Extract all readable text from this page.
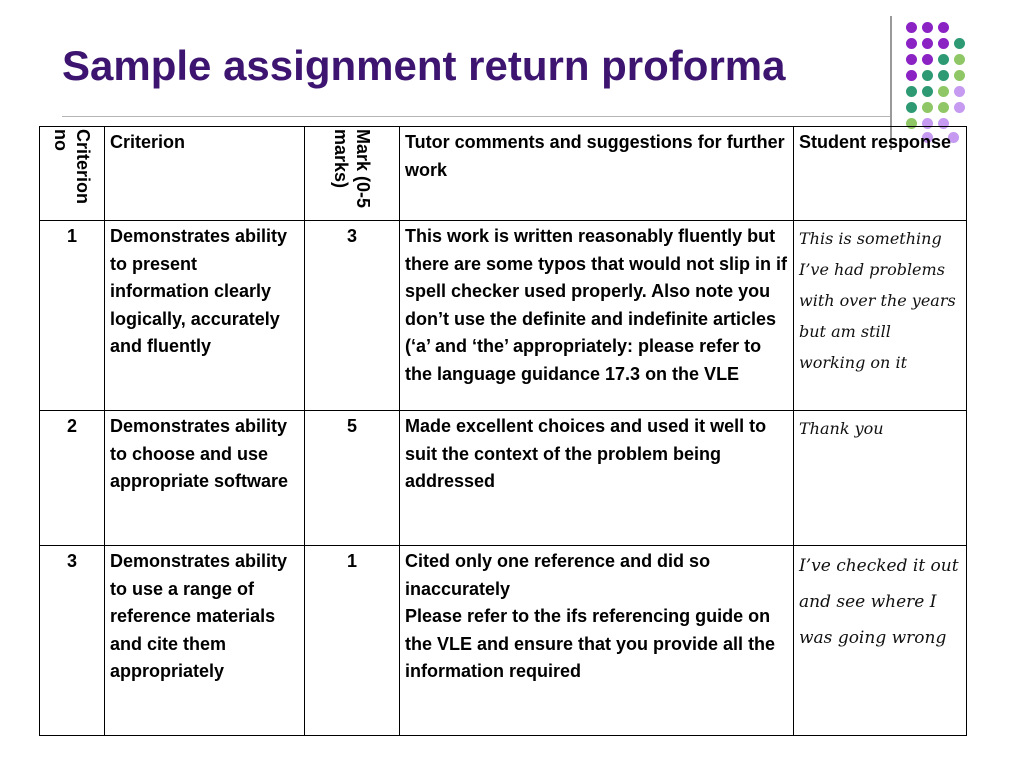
Sample assignment return proforma
Criterion no	Criterion	Mark (0-5 marks)	Tutor comments and suggestions for further work	Student response
1	Demonstrates ability to present information clearly logically, accurately and fluently	3	This work is written reasonably fluently but there are some typos that would not slip in if spell checker used properly. Also note you don’t use the definite and indefinite articles (‘a’ and ‘the’ appropriately: please refer to the language guidance 17.3 on the VLE	This is something I’ve had problems with over the years but am still working on it

2	Demonstrates ability to choose and use appropriate software	5	Made excellent choices and used it well to suit the context of the problem being addressed	Thank you

3	Demonstrates ability to use a range of reference materials and cite them appropriately	1	Cited only one reference and did so inaccurately
Please refer to the ifs referencing guide on the VLE and ensure that you provide all the information required	I’ve checked it out and see where I was going wrong
